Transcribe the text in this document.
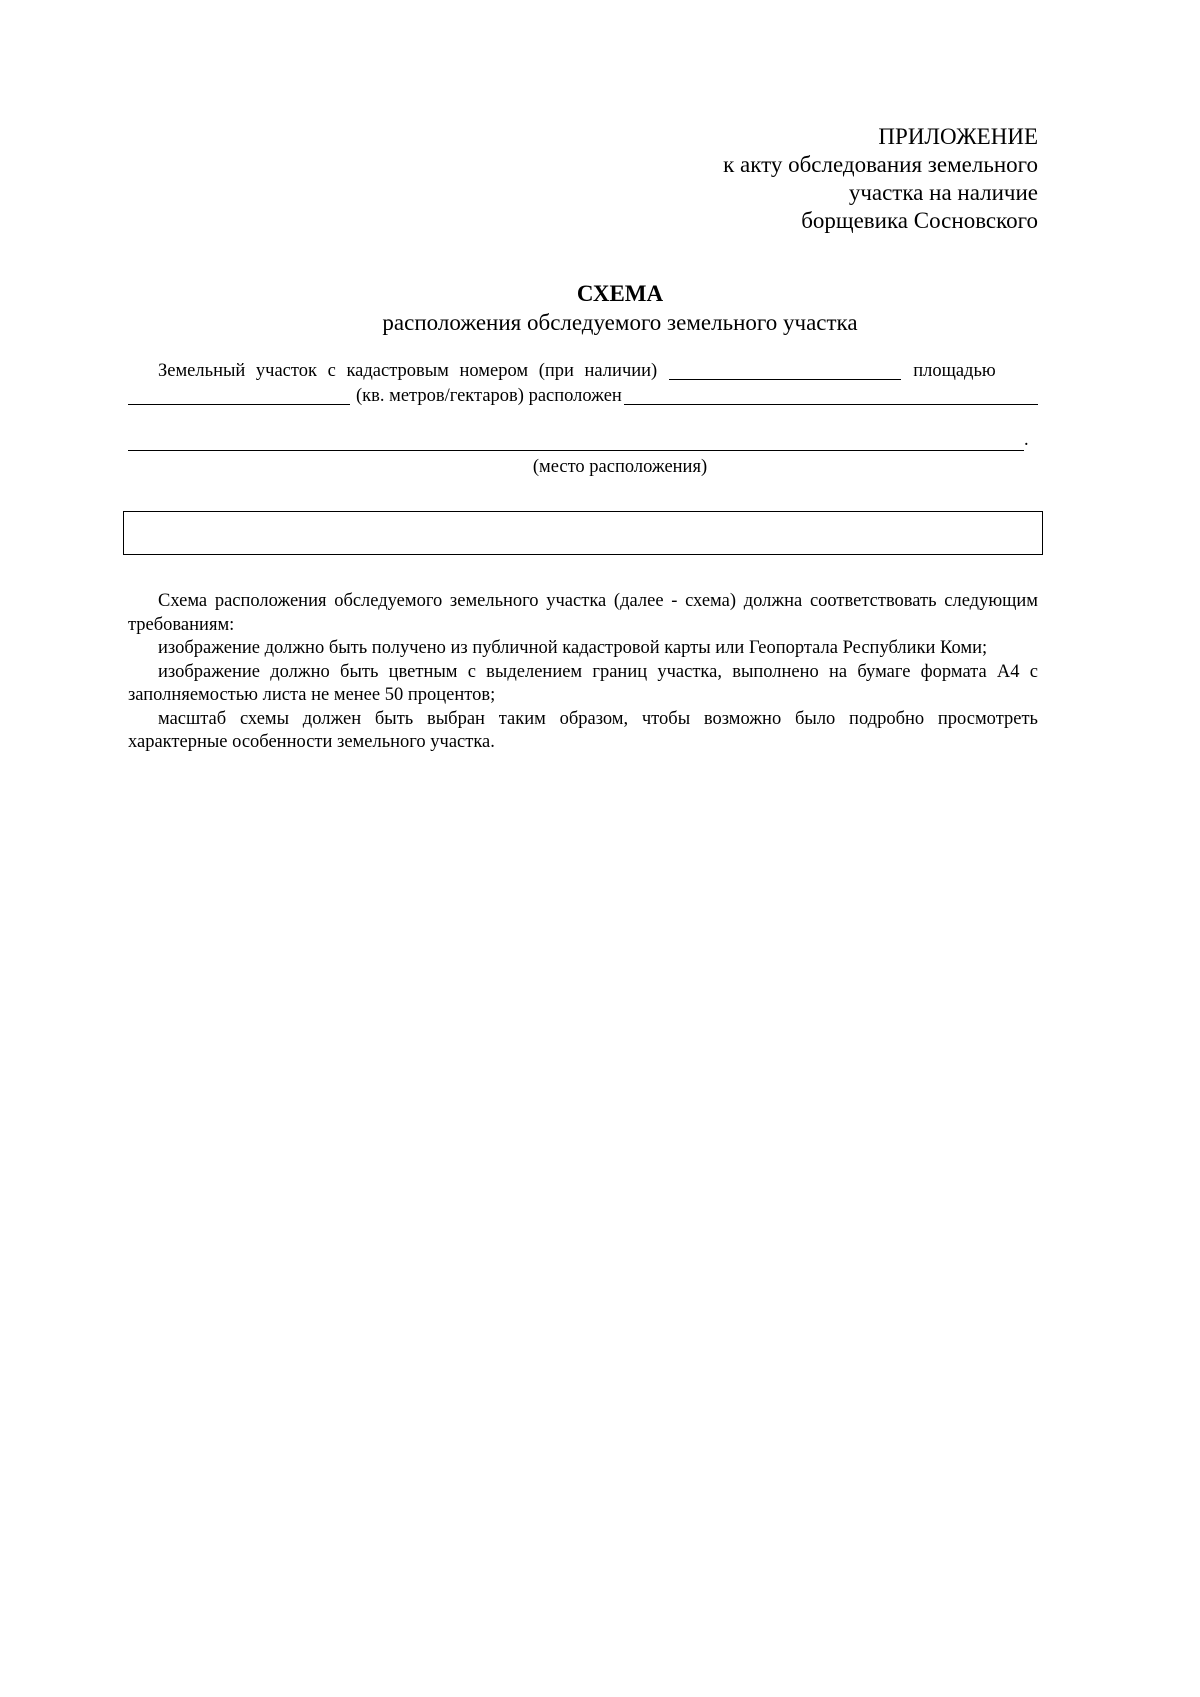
ПРИЛОЖЕНИЕ
к акту обследования земельного
участка на наличие
борщевика Сосновского
СХЕМА
расположения обследуемого земельного участка
Земельный участок с кадастровым номером (при наличии)	площадью
(кв. метров/гектаров) расположен
.
(место расположения)

Схема расположения обследуемого земельного участка (далее - схема) должна соответствовать следующим требованиям:

изображение должно быть получено из публичной кадастровой карты или Геопортала Республики Коми;

изображение должно быть цветным с выделением границ участка, выполнено на бумаге формата А4 с заполняемостью листа не менее 50 процентов;

масштаб схемы должен быть выбран таким образом, чтобы возможно было подробно просмотреть характерные особенности земельного участка.
